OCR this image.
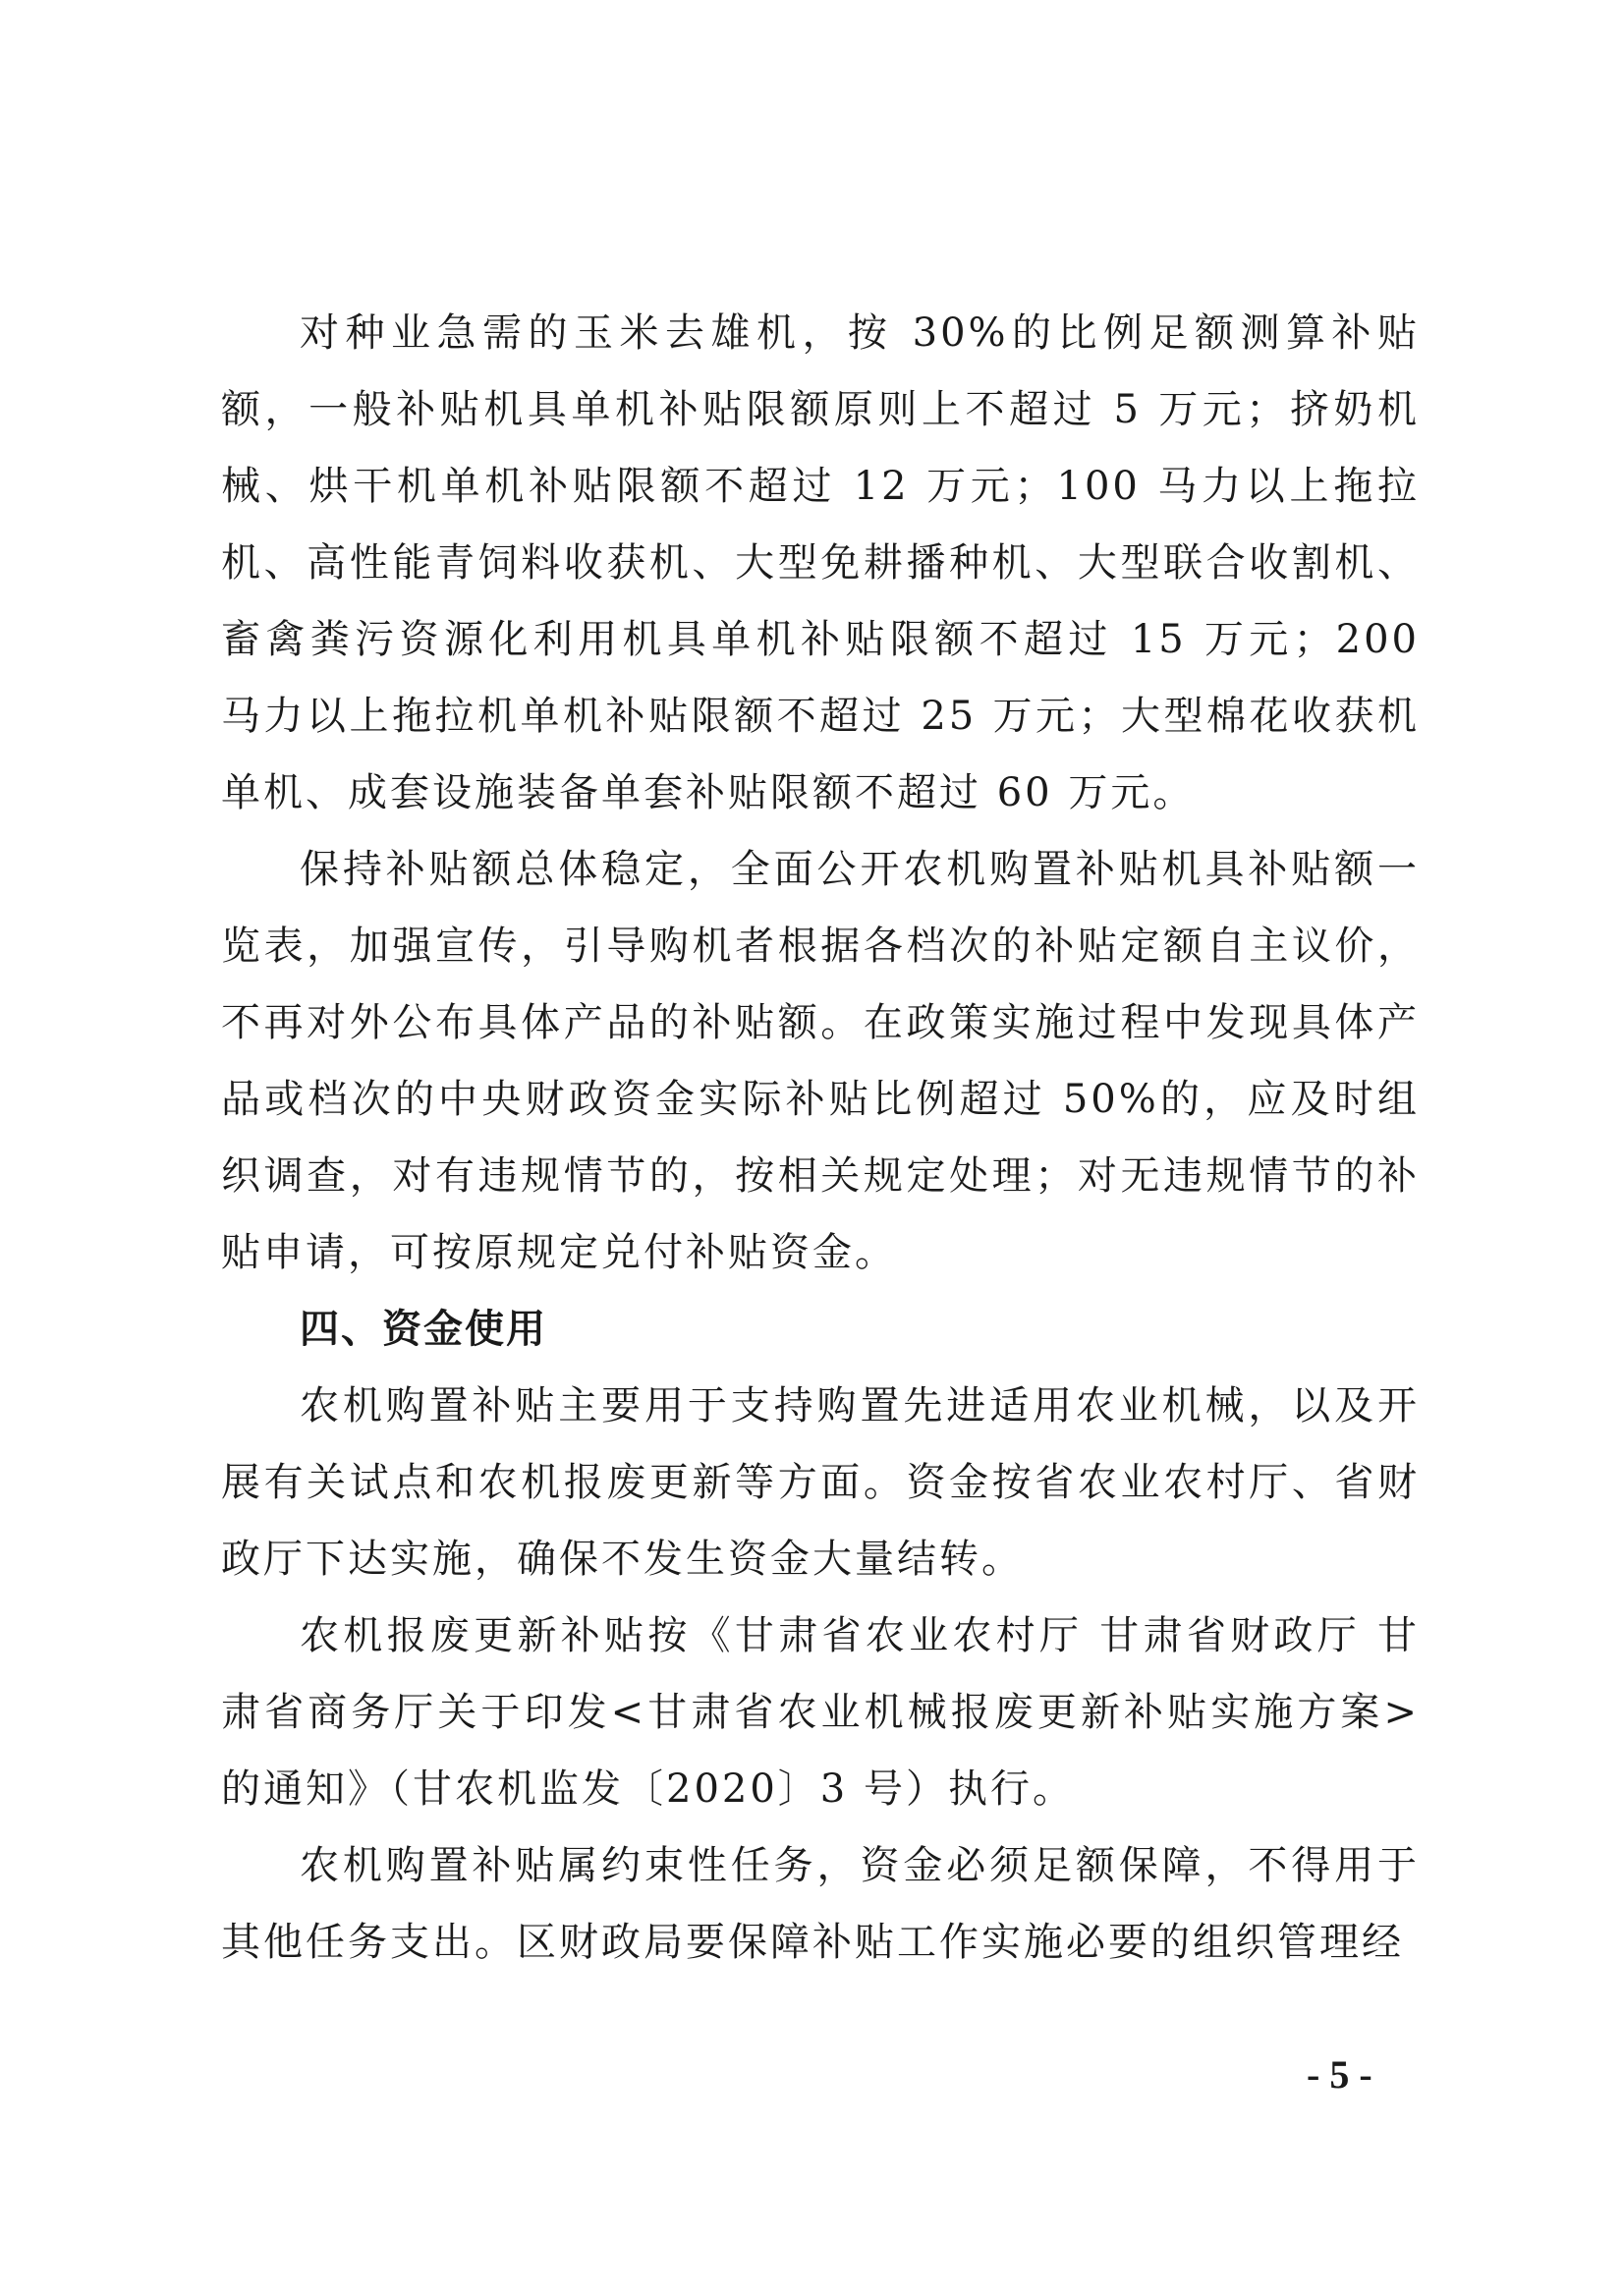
对种业急需的玉米去雄机，按 30%的比例足额测算补贴额，一般补贴机具单机补贴限额原则上不超过 5 万元；挤奶机械、烘干机单机补贴限额不超过 12 万元；100 马力以上拖拉机、高性能青饲料收获机、大型免耕播种机、大型联合收割机、畜禽粪污资源化利用机具单机补贴限额不超过 15 万元；200 马力以上拖拉机单机补贴限额不超过 25 万元；大型棉花收获机单机、成套设施装备单套补贴限额不超过 60 万元。

保持补贴额总体稳定，全面公开农机购置补贴机具补贴额一览表，加强宣传，引导购机者根据各档次的补贴定额自主议价，不再对外公布具体产品的补贴额。在政策实施过程中发现具体产品或档次的中央财政资金实际补贴比例超过 50%的，应及时组织调查，对有违规情节的，按相关规定处理；对无违规情节的补贴申请，可按原规定兑付补贴资金。

四、资金使用

农机购置补贴主要用于支持购置先进适用农业机械，以及开展有关试点和农机报废更新等方面。资金按省农业农村厅、省财政厅下达实施，确保不发生资金大量结转。

农机报废更新补贴按《甘肃省农业农村厅 甘肃省财政厅 甘肃省商务厅关于印发<甘肃省农业机械报废更新补贴实施方案>的通知》（甘农机监发〔2020〕3 号）执行。

农机购置补贴属约束性任务，资金必须足额保障，不得用于其他任务支出。区财政局要保障补贴工作实施必要的组织管理经

- 5 -
